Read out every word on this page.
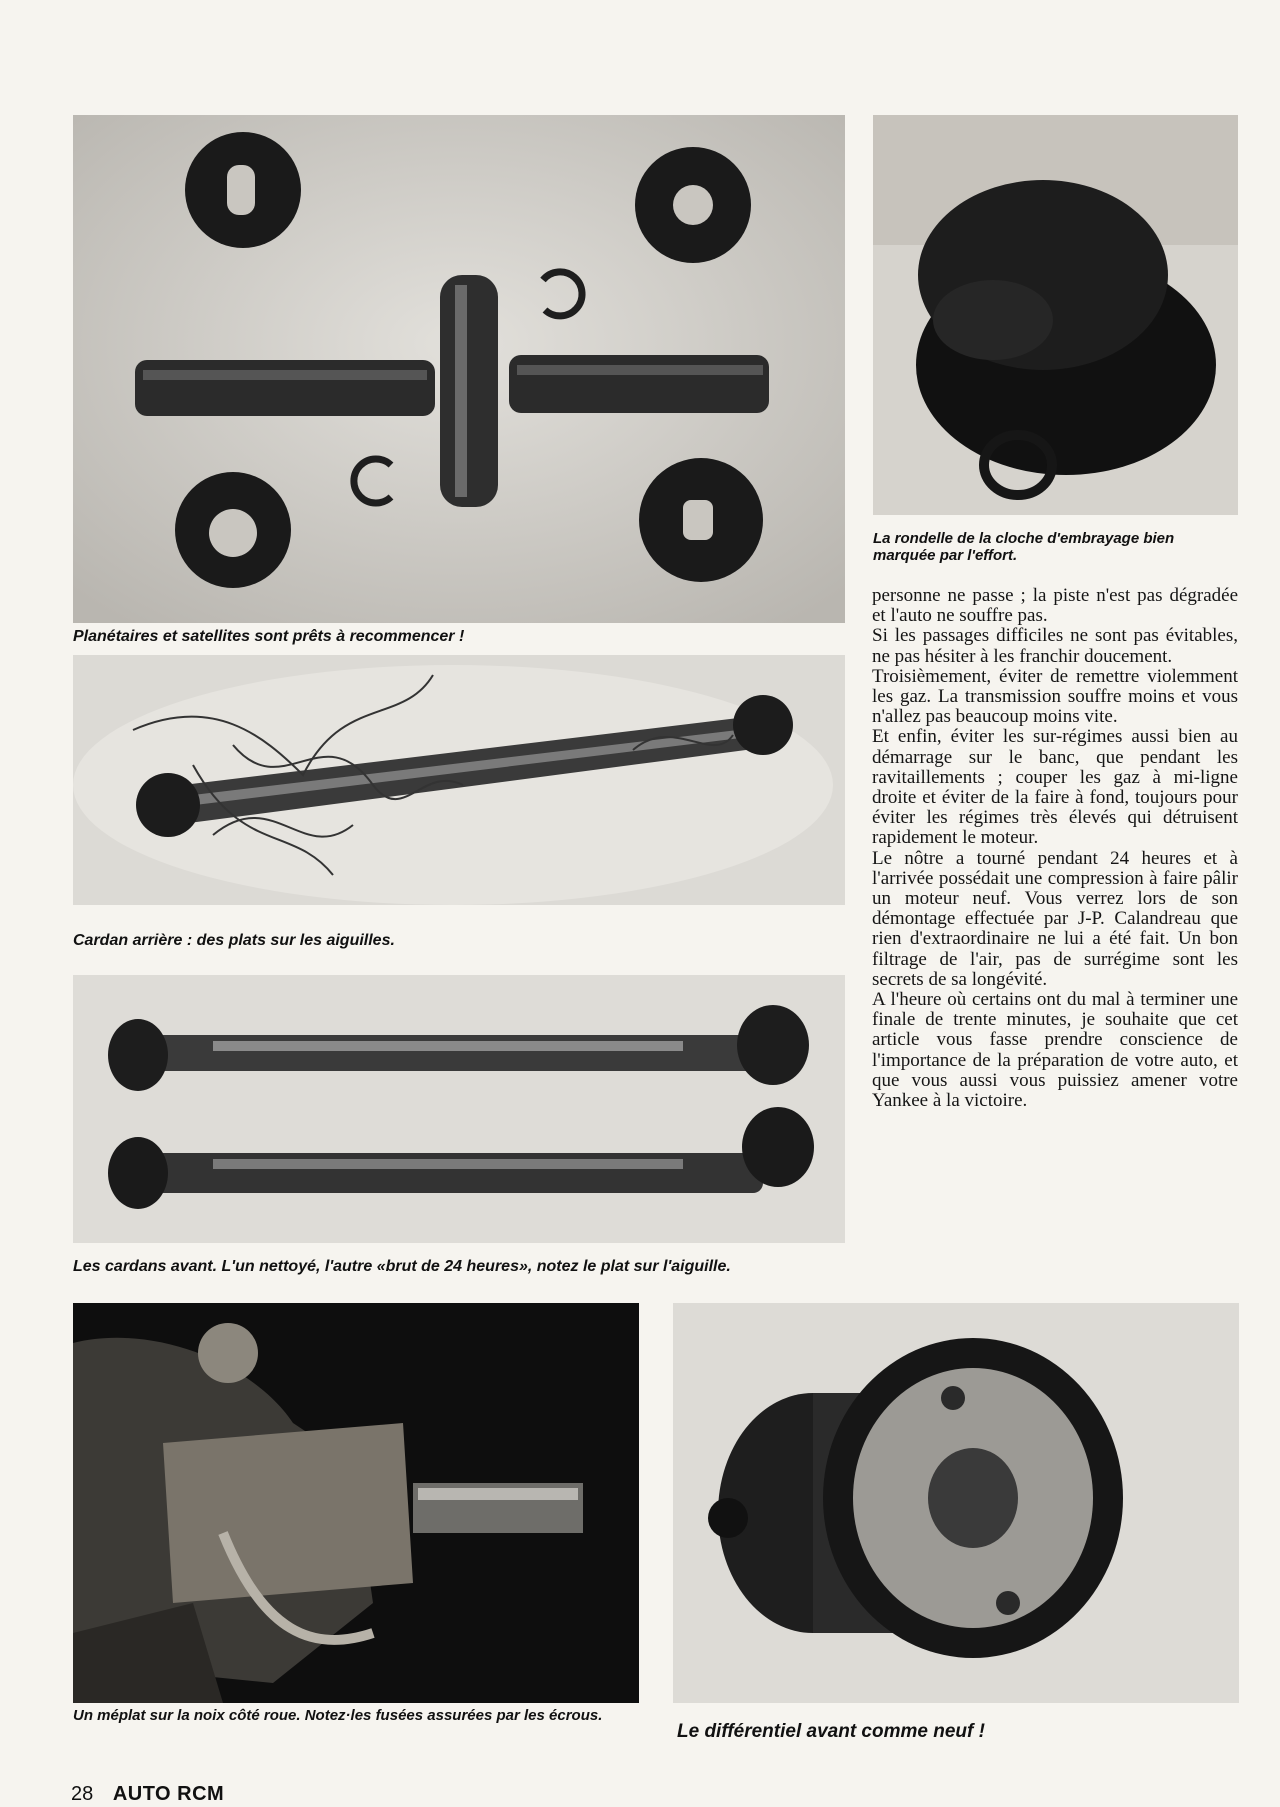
Planétaires et satellites sont prêts à recommencer !
La rondelle de la cloche d'embrayage bien marquée par l'effort.
Cardan arrière : des plats sur les aiguilles.
Les cardans avant. L'un nettoyé, l'autre «brut de 24 heures», notez le plat sur l'aiguille.
Un méplat sur la noix côté roue. Notez·les fusées assurées par les écrous.
Le différentiel avant comme neuf !

personne ne passe ; la piste n'est pas dégradée et l'auto ne souffre pas.

Si les passages difficiles ne sont pas évitables, ne pas hésiter à les franchir doucement.

Troisièmement, éviter de remettre violemment les gaz. La transmission souffre moins et vous n'allez pas beaucoup moins vite.

Et enfin, éviter les sur-régimes aussi bien au démarrage sur le banc, que pendant les ravitaillements ; couper les gaz à mi-ligne droite et éviter de la faire à fond, toujours pour éviter les régimes très élevés qui détruisent rapidement le moteur.

Le nôtre a tourné pendant 24 heures et à l'arrivée possédait une compression à faire pâlir un moteur neuf. Vous verrez lors de son démontage effectuée par J-P. Calandreau que rien d'extraordinaire ne lui a été fait. Un bon filtrage de l'air, pas de surrégime sont les secrets de sa longévité.

A l'heure où certains ont du mal à terminer une finale de trente minutes, je souhaite que cet article vous fasse prendre conscience de l'importance de la préparation de votre auto, et que vous aussi vous puissiez amener votre Yankee à la victoire.

28 AUTO RCM
